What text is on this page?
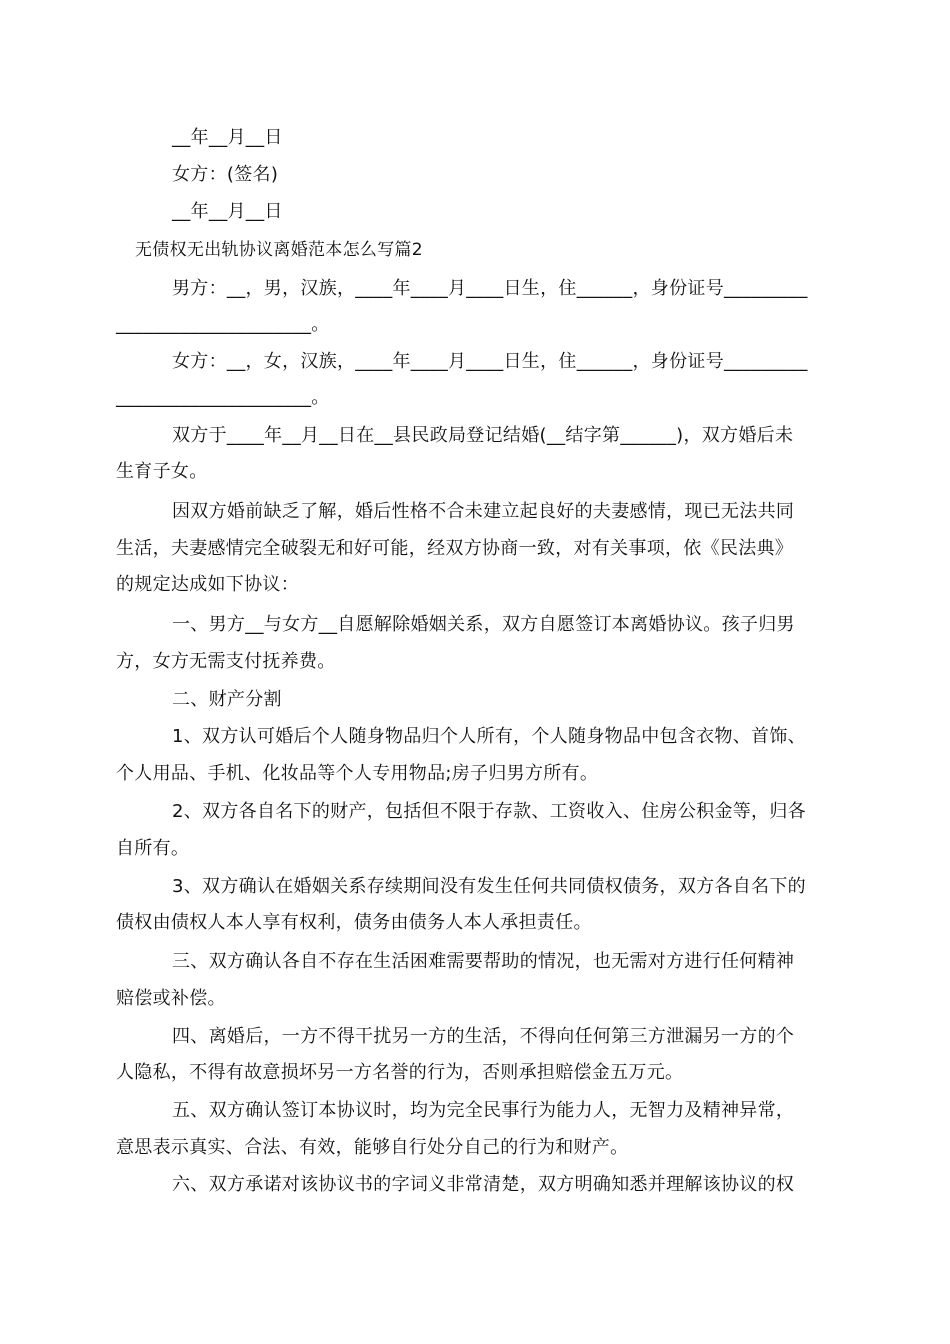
__年__月__日
女方：(签名)
__年__月__日
无债权无出轨协议离婚范本怎么写篇2
男方：__，男，汉族，____年____月____日生，住______，身份证号_________
_____________________。
女方：__，女，汉族，____年____月____日生，住______，身份证号_________
_____________________。
双方于____年__月__日在__县民政局登记结婚(__结字第______)，双方婚后未
生育子女。
因双方婚前缺乏了解，婚后性格不合未建立起良好的夫妻感情，现已无法共同
生活，夫妻感情完全破裂无和好可能，经双方协商一致，对有关事项，依《民法典》
的规定达成如下协议：
一、男方__与女方__自愿解除婚姻关系，双方自愿签订本离婚协议。孩子归男
方，女方无需支付抚养费。
二、财产分割
1、双方认可婚后个人随身物品归个人所有，个人随身物品中包含衣物、首饰、
个人用品、手机、化妆品等个人专用物品;房子归男方所有。
2、双方各自名下的财产，包括但不限于存款、工资收入、住房公积金等，归各
自所有。
3、双方确认在婚姻关系存续期间没有发生任何共同债权债务，双方各自名下的
债权由债权人本人享有权利，债务由债务人本人承担责任。
三、双方确认各自不存在生活困难需要帮助的情况，也无需对方进行任何精神
赔偿或补偿。
四、离婚后，一方不得干扰另一方的生活，不得向任何第三方泄漏另一方的个
人隐私，不得有故意损坏另一方名誉的行为，否则承担赔偿金五万元。
五、双方确认签订本协议时，均为完全民事行为能力人，无智力及精神异常，
意思表示真实、合法、有效，能够自行处分自己的行为和财产。
六、双方承诺对该协议书的字词义非常清楚，双方明确知悉并理解该协议的权
